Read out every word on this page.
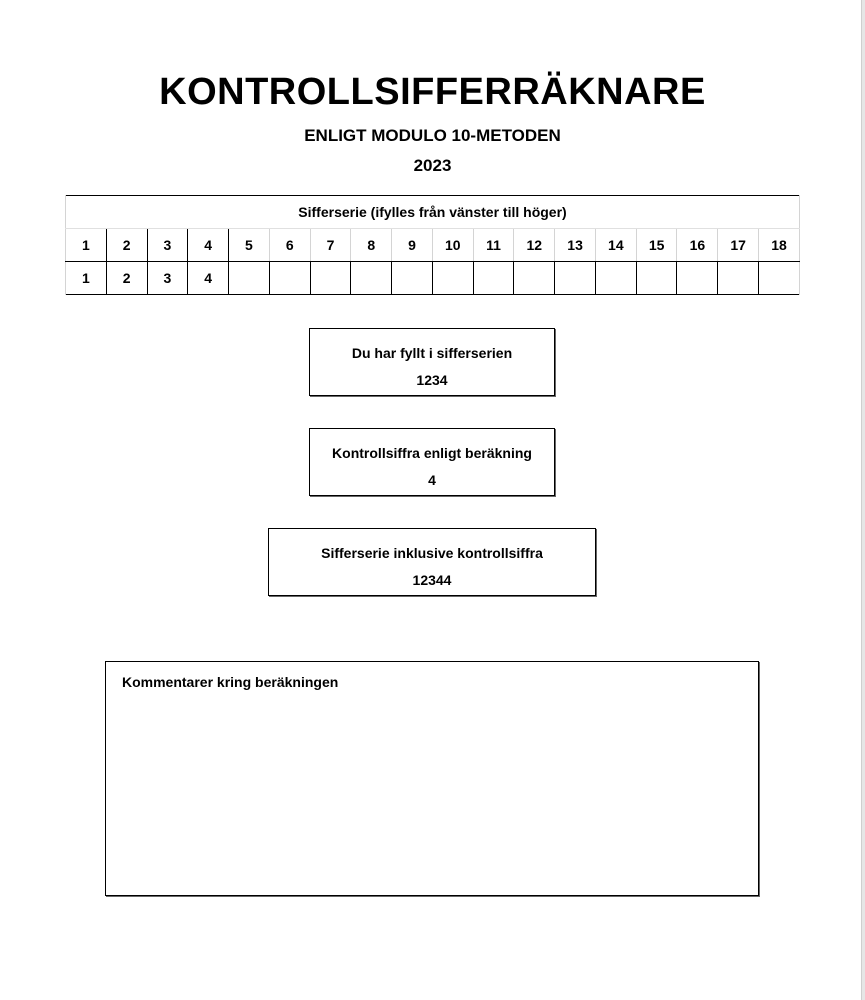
KONTROLLSIFFERRÄKNARE
ENLIGT MODULO 10-METODEN
2023
Sifferserie (ifylles från vänster till höger)																	
1	2	3	4	5	6	7	8	9	10	11	12	13	14	15	16	17	18
1	2	3	4														
Du har fyllt i sifferserien
1234
Kontrollsiffra enligt beräkning
4
Sifferserie inklusive kontrollsiffra
12344
Kommentarer kring beräkningen
